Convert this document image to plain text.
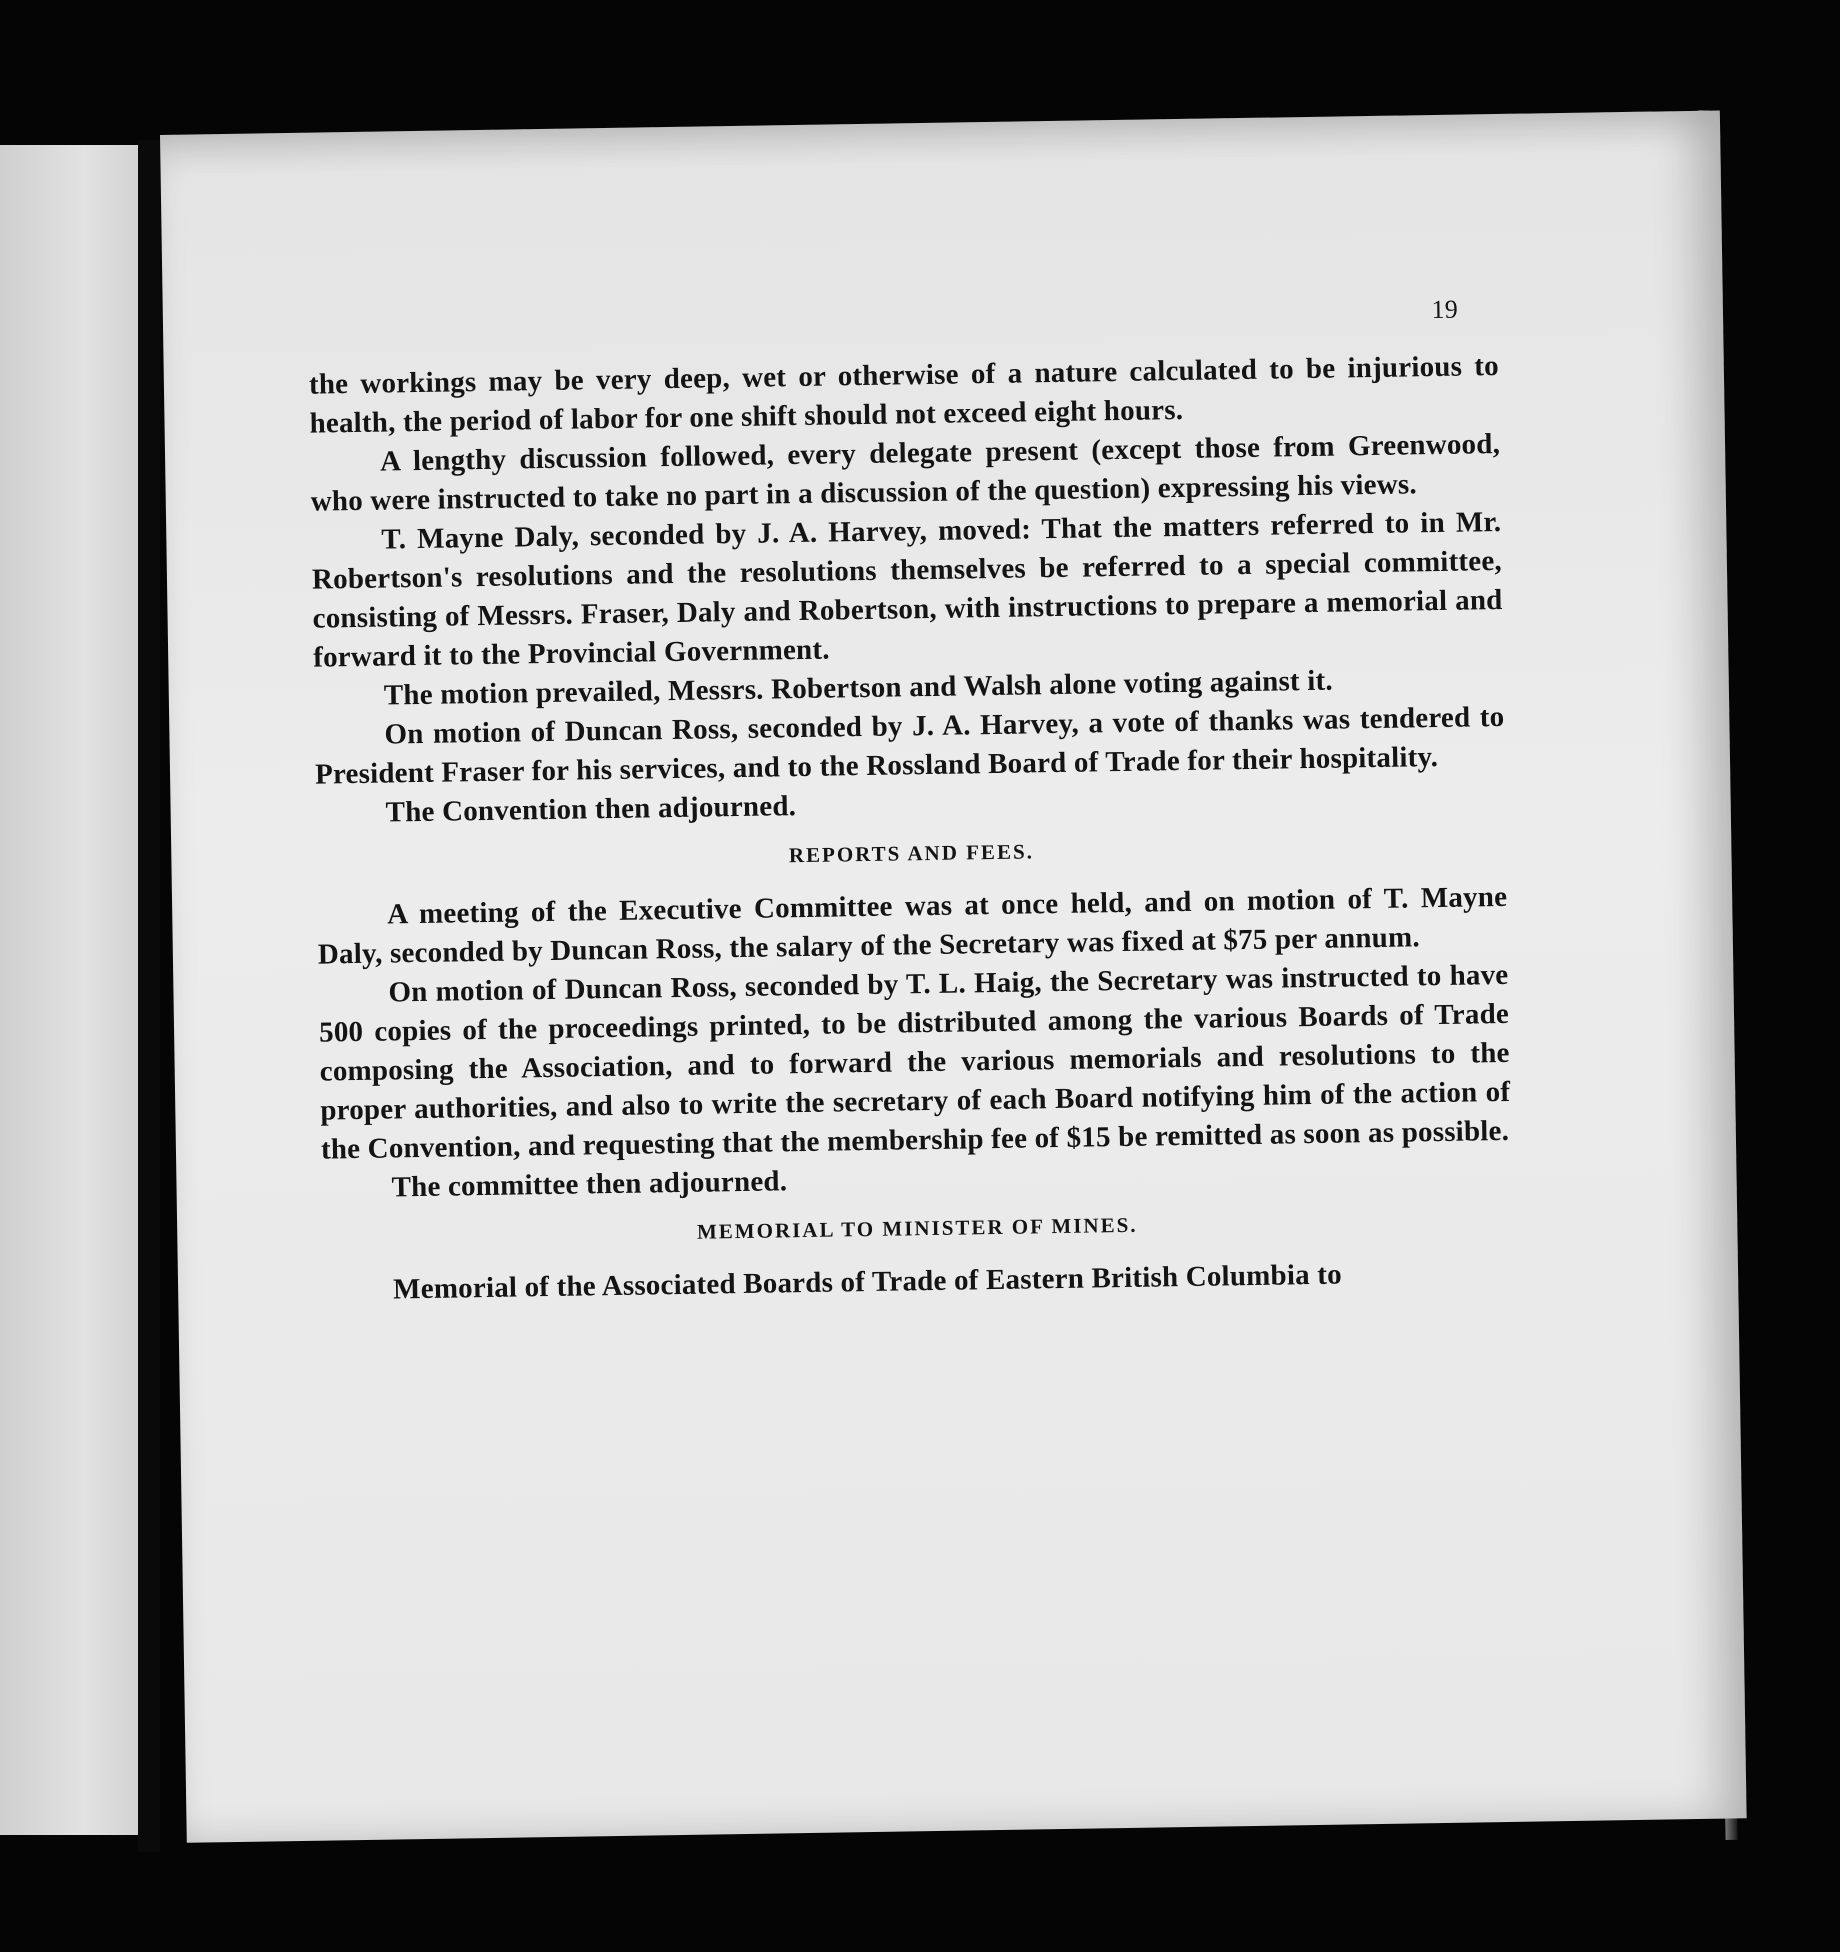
19

the workings may be very deep, wet or otherwise of a nature calculated to be injurious to health, the period of labor for one shift should not exceed eight hours.

A lengthy discussion followed, every delegate present (except those from Greenwood, who were instructed to take no part in a discussion of the question) expressing his views.

T. Mayne Daly, seconded by J. A. Harvey, moved: That the matters referred to in Mr. Robertson's resolutions and the resolutions themselves be referred to a special committee, consisting of Messrs. Fraser, Daly and Robertson, with instructions to prepare a memorial and forward it to the Provincial Government.

The motion prevailed, Messrs. Robertson and Walsh alone voting against it.

On motion of Duncan Ross, seconded by J. A. Harvey, a vote of thanks was tendered to President Fraser for his services, and to the Rossland Board of Trade for their hospitality.

The Convention then adjourned.

REPORTS AND FEES.

A meeting of the Executive Committee was at once held, and on motion of T. Mayne Daly, seconded by Duncan Ross, the salary of the Secretary was fixed at $75 per annum.

On motion of Duncan Ross, seconded by T. L. Haig, the Secretary was instructed to have 500 copies of the proceedings printed, to be distributed among the various Boards of Trade composing the Association, and to forward the various memorials and resolutions to the proper authorities, and also to write the secretary of each Board notifying him of the action of the Convention, and requesting that the membership fee of $15 be remitted as soon as possible.

The committee then adjourned.

MEMORIAL TO MINISTER OF MINES.

Memorial of the Associated Boards of Trade of Eastern British Columbia to
